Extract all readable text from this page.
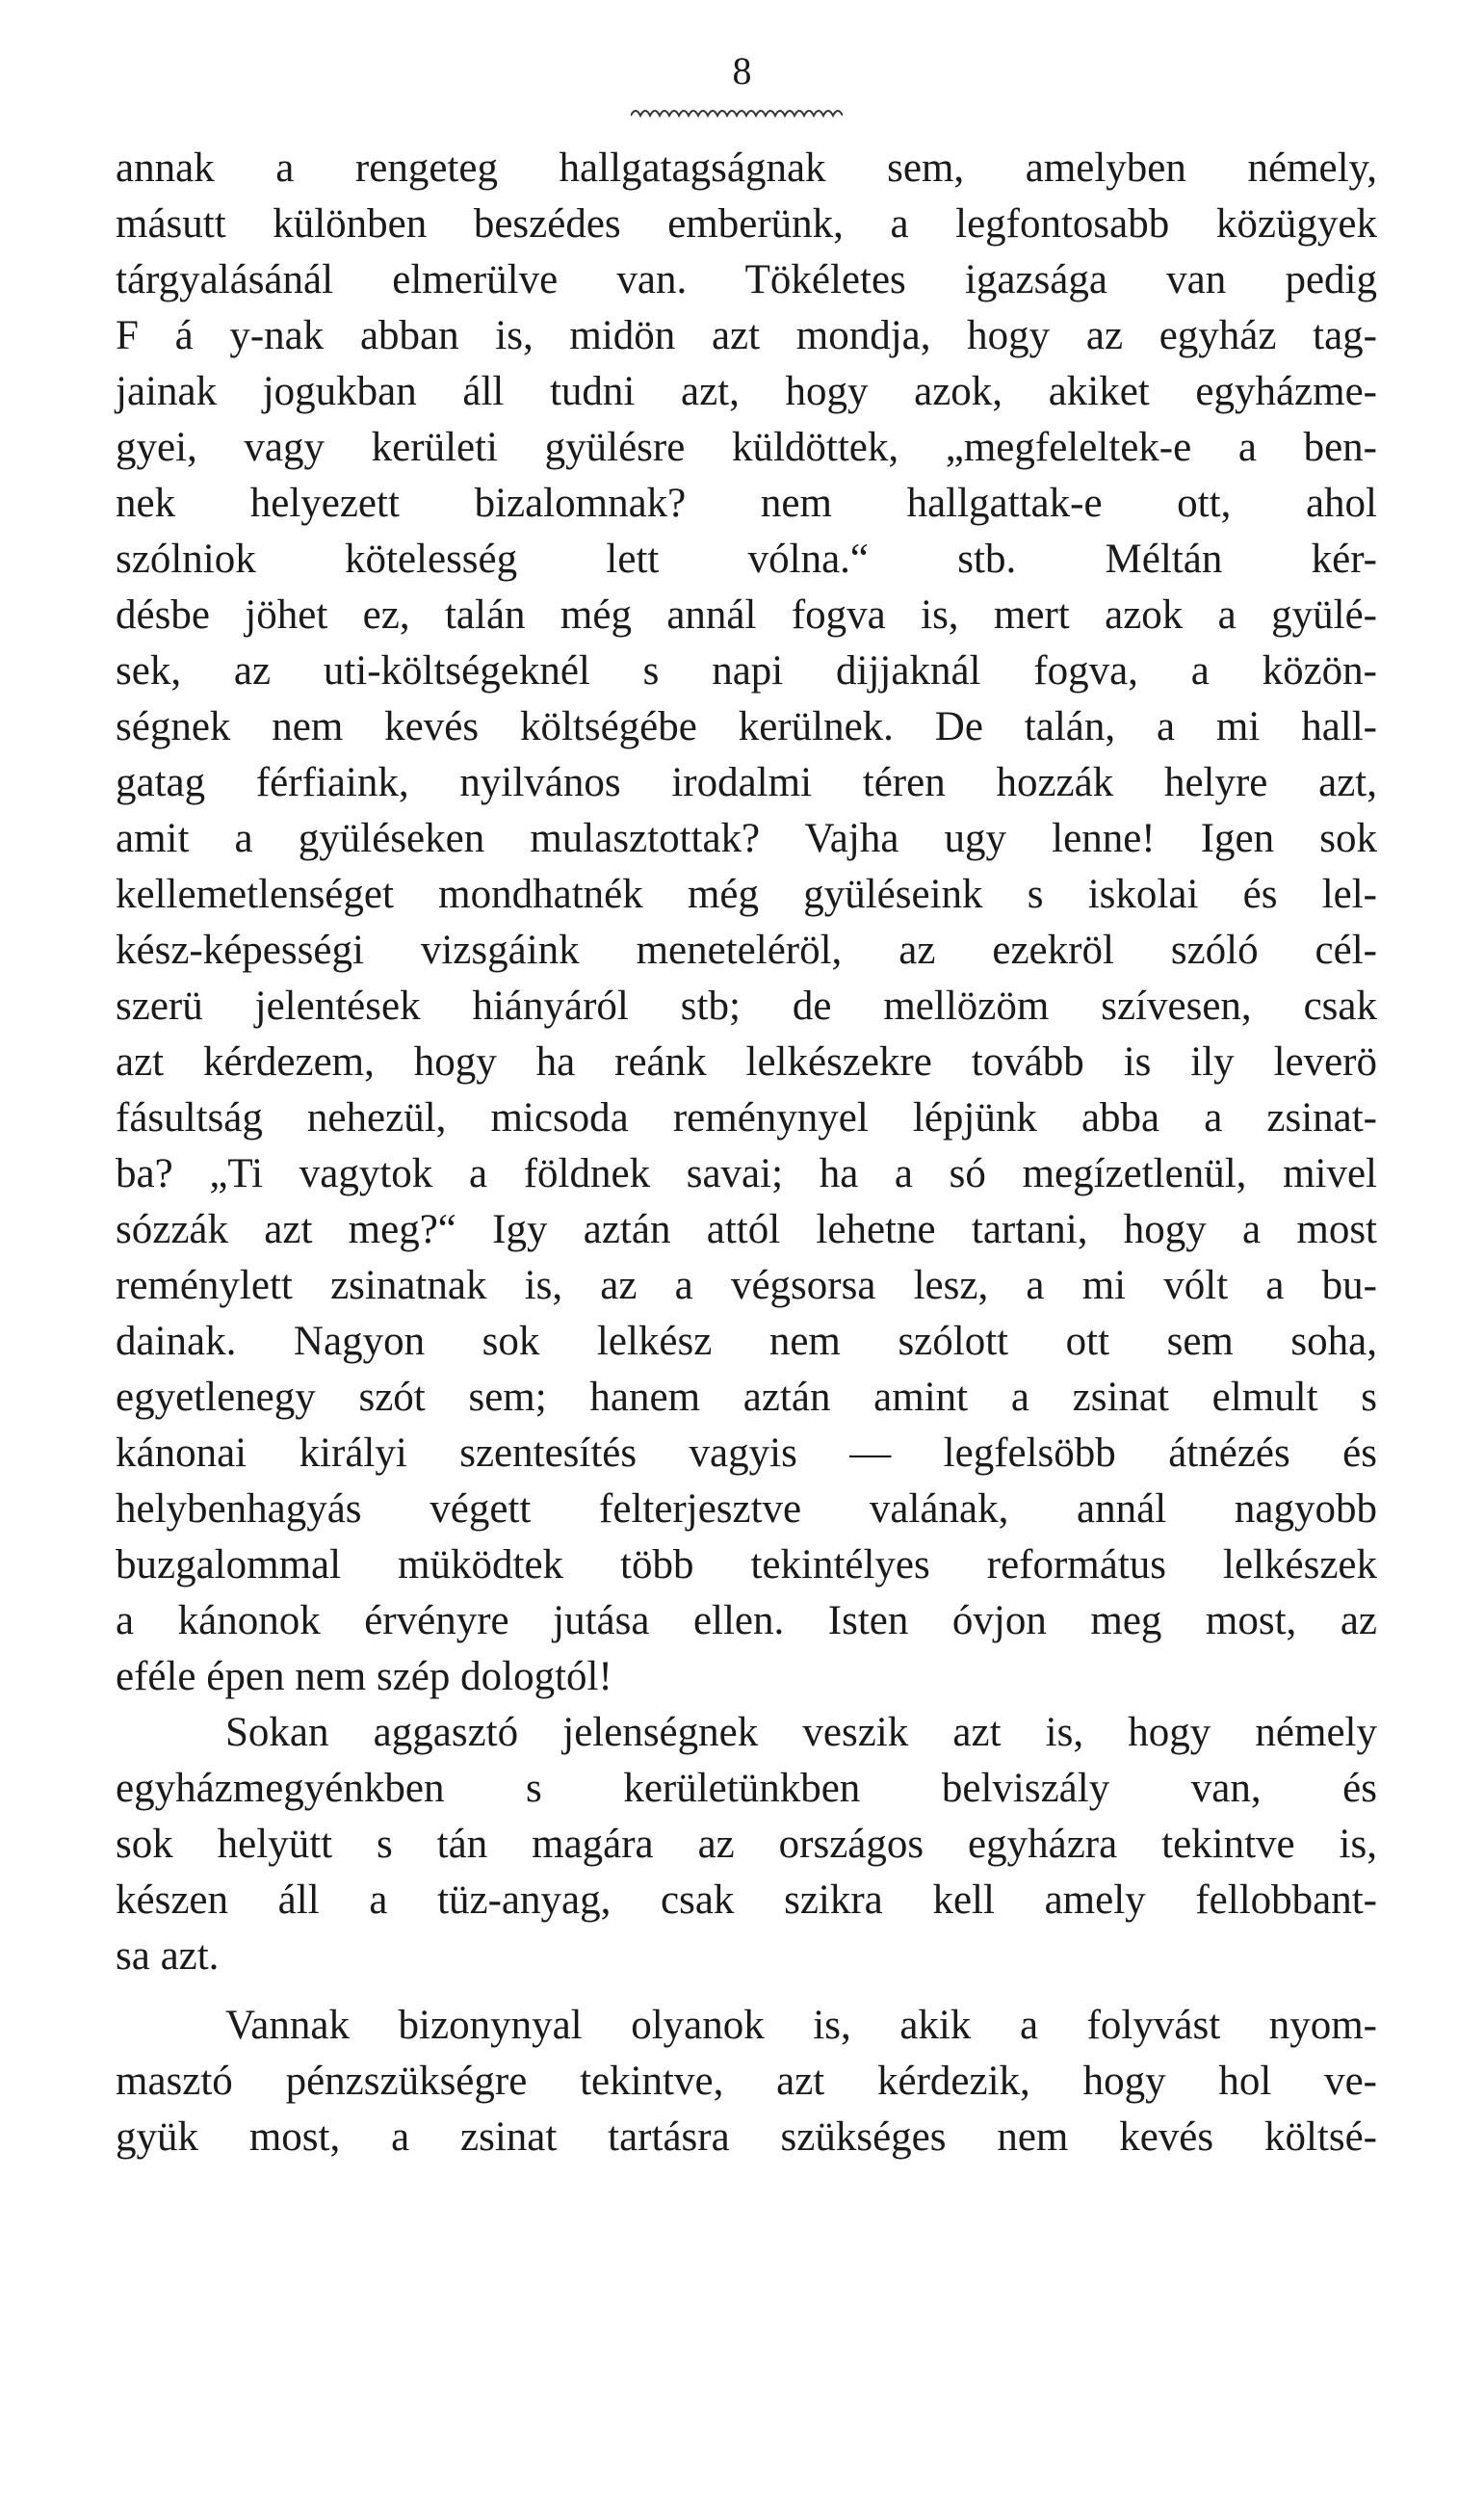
8
annak a rengeteg hallgatagságnak sem, amelyben némely,
másutt különben beszédes emberünk, a legfontosabb közügyek
tárgyalásánál elmerülve van. Tökéletes igazsága van pedig
F á y-nak abban is, midön azt mondja, hogy az egyház tag-
jainak jogukban áll tudni azt, hogy azok, akiket egyházme-
gyei, vagy kerületi gyülésre küldöttek, „megfeleltek-e a ben-
nek helyezett bizalomnak? nem hallgattak-e ott, ahol
szólniok kötelesség lett vólna.“ stb. Méltán kér-
désbe jöhet ez, talán még annál fogva is, mert azok a gyülé-
sek, az uti-költségeknél s napi dijjaknál fogva, a közön-
ségnek nem kevés költségébe kerülnek. De talán, a mi hall-
gatag férfiaink, nyilvános irodalmi téren hozzák helyre azt,
amit a gyüléseken mulasztottak? Vajha ugy lenne! Igen sok
kellemetlenséget mondhatnék még gyüléseink s iskolai és lel-
kész-képességi vizsgáink meneteléröl, az ezekröl szóló cél-
szerü jelentések hiányáról stb; de mellözöm szívesen, csak
azt kérdezem, hogy ha reánk lelkészekre tovább is ily leverö
fásultság nehezül, micsoda reménynyel lépjünk abba a zsinat-
ba? „Ti vagytok a földnek savai; ha a só megízetlenül, mivel
sózzák azt meg?“ Igy aztán attól lehetne tartani, hogy a most
reménylett zsinatnak is, az a végsorsa lesz, a mi vólt a bu-
dainak. Nagyon sok lelkész nem szólott ott sem soha,
egyetlenegy szót sem; hanem aztán amint a zsinat elmult s
kánonai királyi szentesítés vagyis — legfelsöbb átnézés és
helybenhagyás végett felterjesztve valának, annál nagyobb
buzgalommal müködtek több tekintélyes református lelkészek
a kánonok érvényre jutása ellen. Isten óvjon meg most, az
eféle épen nem szép dologtól!
Sokan aggasztó jelenségnek veszik azt is, hogy némely
egyházmegyénkben s kerületünkben belviszály van, és
sok helyütt s tán magára az országos egyházra tekintve is,
készen áll a tüz-anyag, csak szikra kell amely fellobbant-
sa azt.
Vannak bizonynyal olyanok is, akik a folyvást nyom-
masztó pénzszükségre tekintve, azt kérdezik, hogy hol ve-
gyük most, a zsinat tartásra szükséges nem kevés költsé-
